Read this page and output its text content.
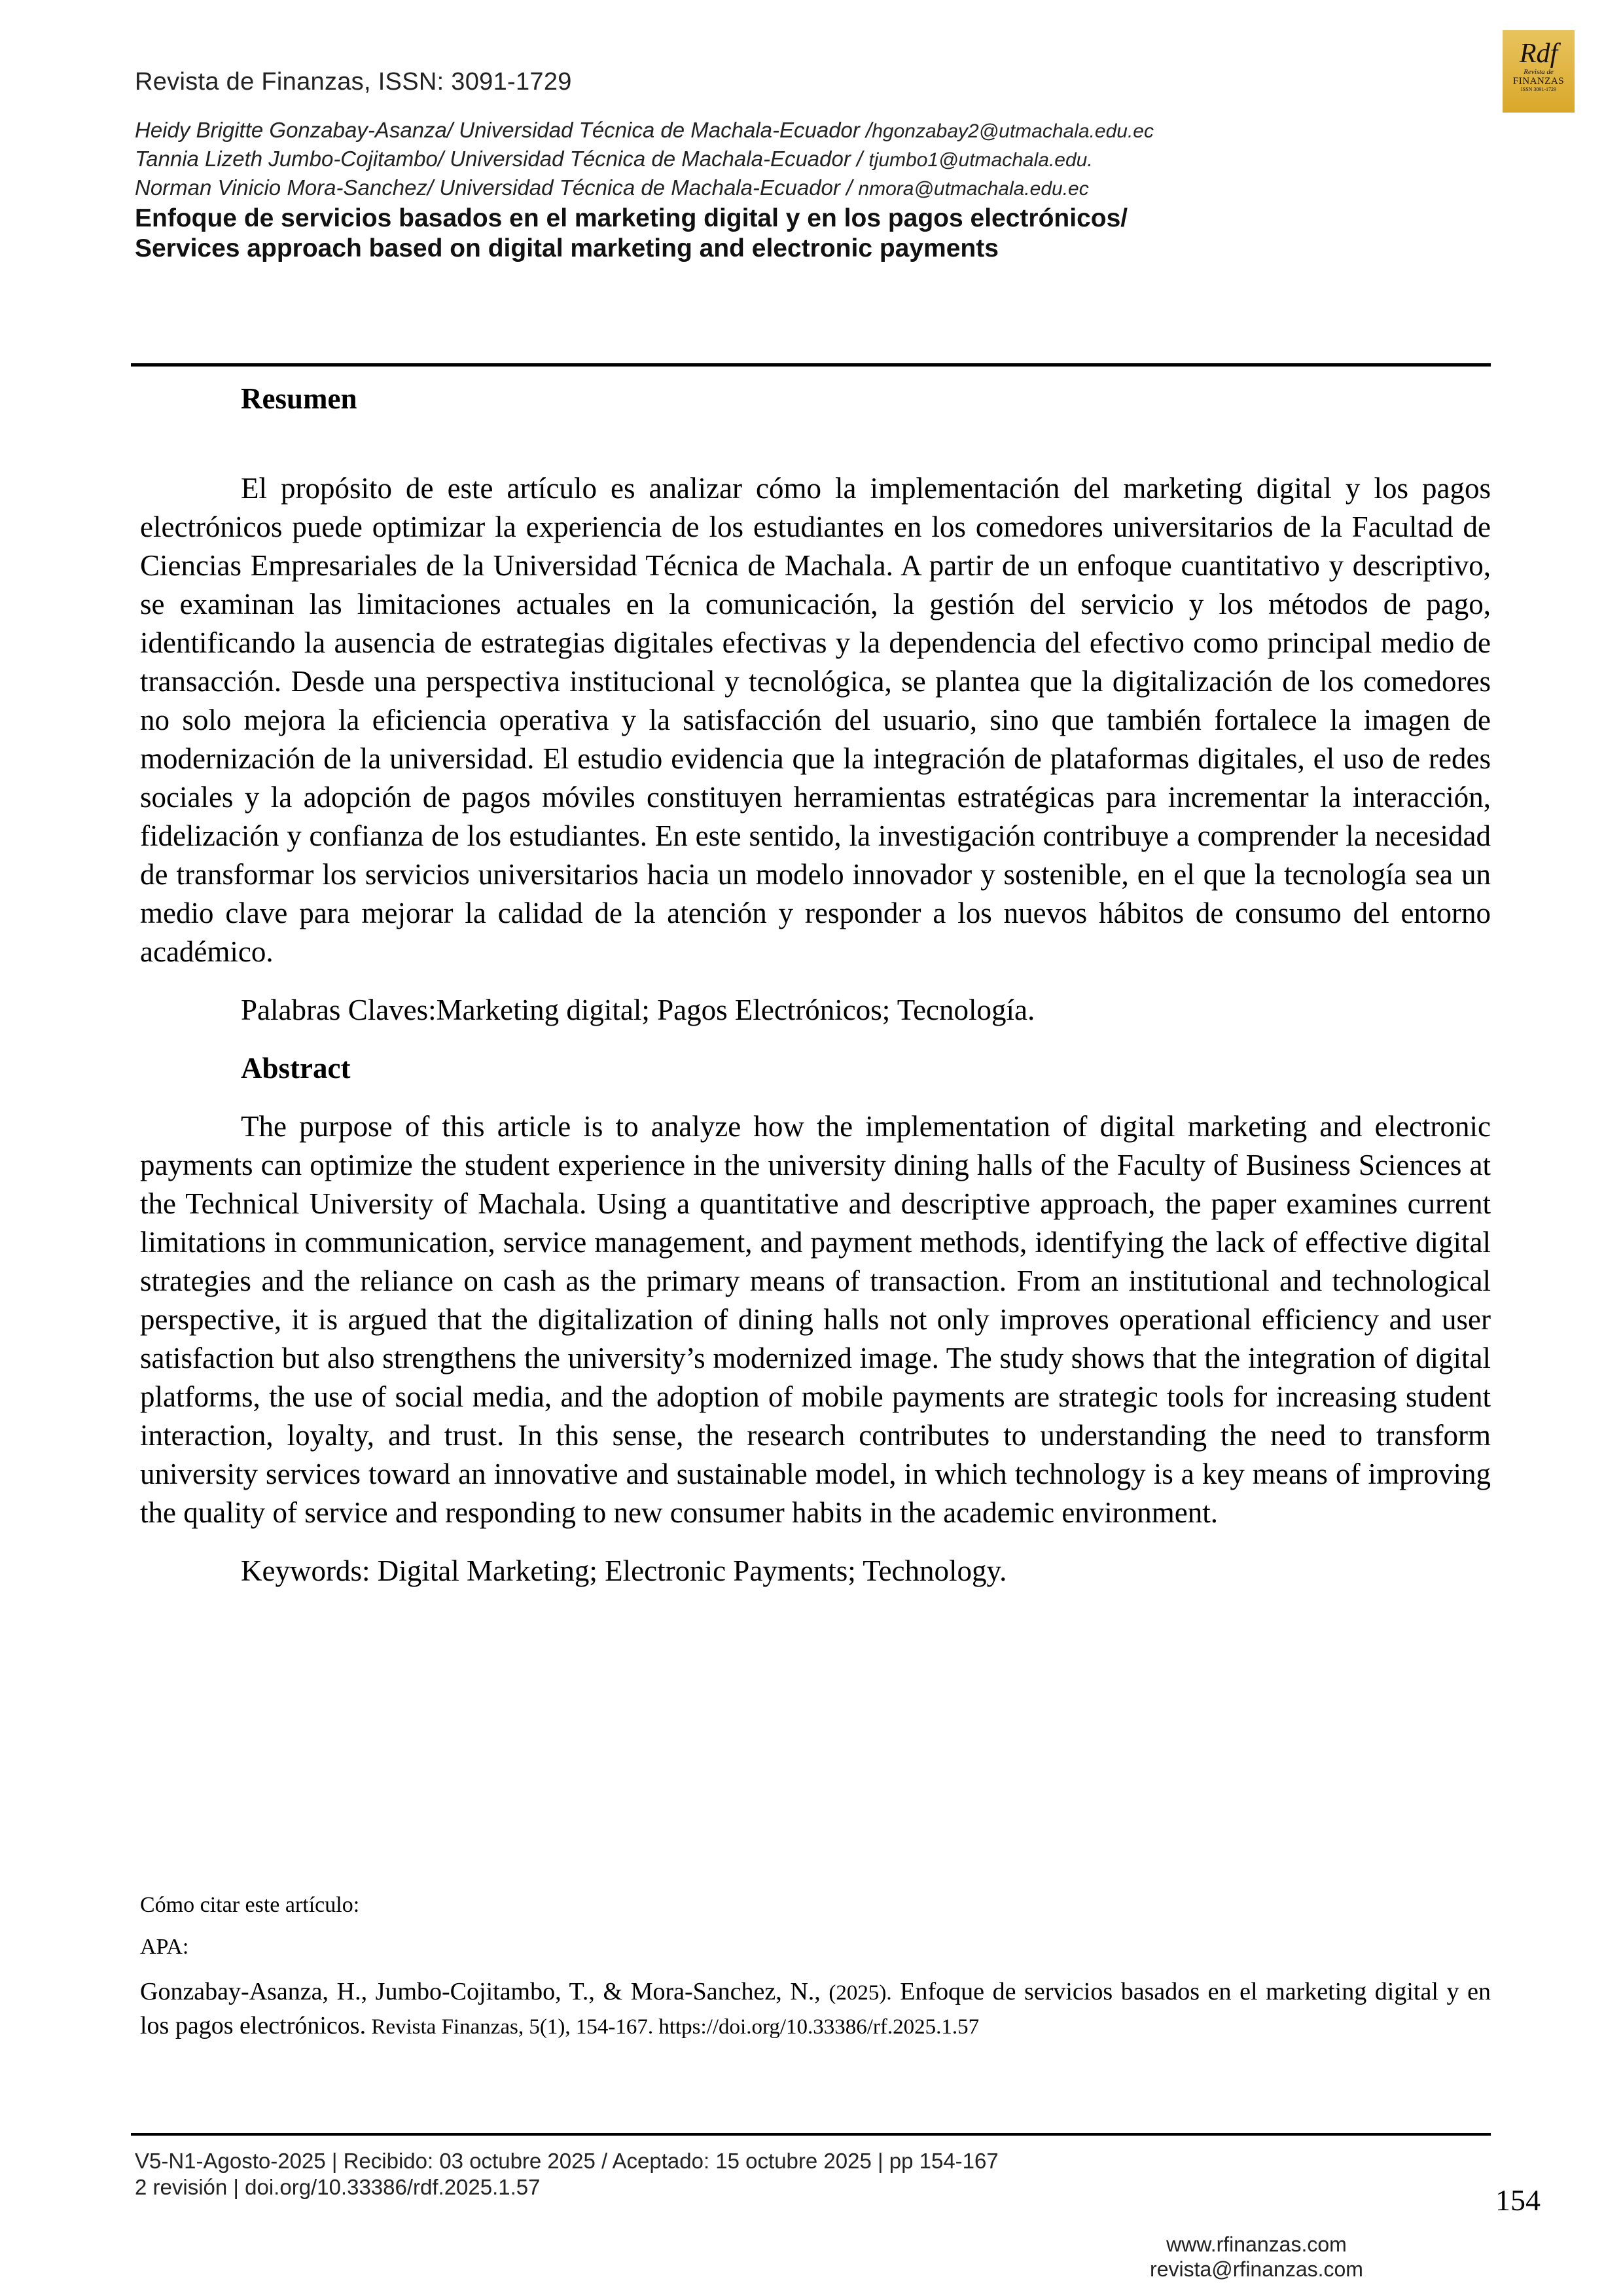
Revista de Finanzas, ISSN: 3091-1729
Heidy Brigitte Gonzabay-Asanza/ Universidad Técnica de Machala-Ecuador /hgonzabay2@utmachala.edu.ec
Tannia Lizeth Jumbo-Cojitambo/ Universidad Técnica de Machala-Ecuador / tjumbo1@utmachala.edu.
Norman Vinicio Mora-Sanchez/ Universidad Técnica de Machala-Ecuador / nmora@utmachala.edu.ec
Enfoque de servicios basados en el marketing digital y en los pagos electrónicos/
Services approach based on digital marketing and electronic payments
Rdf
Revista de
FINANZAS
ISSN 3091-1729

Resumen

El propósito de este artículo es analizar cómo la implementación del marketing digital y los pagos electrónicos puede optimizar la experiencia de los estudiantes en los comedores universitarios de la Facultad de Ciencias Empresariales de la Universidad Técnica de Machala. A partir de un enfoque cuantitativo y descriptivo, se examinan las limitaciones actuales en la comunicación, la gestión del servicio y los métodos de pago, identificando la ausencia de estrategias digitales efectivas y la dependencia del efectivo como principal medio de transacción. Desde una perspectiva institucional y tecnológica, se plantea que la digitalización de los comedores no solo mejora la eficiencia operativa y la satisfacción del usuario, sino que también fortalece la imagen de modernización de la universidad. El estudio evidencia que la integración de plataformas digitales, el uso de redes sociales y la adopción de pagos móviles constituyen herramientas estratégicas para incrementar la interacción, fidelización y confianza de los estudiantes. En este sentido, la investigación contribuye a comprender la necesidad de transformar los servicios universitarios hacia un modelo innovador y sostenible, en el que la tecnología sea un medio clave para mejorar la calidad de la atención y responder a los nuevos hábitos de consumo del entorno académico.

Palabras Claves:Marketing digital; Pagos Electrónicos; Tecnología.

Abstract

The purpose of this article is to analyze how the implementation of digital marketing and electronic payments can optimize the student experience in the university dining halls of the Faculty of Business Sciences at the Technical University of Machala. Using a quantitative and descriptive approach, the paper examines current limitations in communication, service management, and payment methods, identifying the lack of effective digital strategies and the reliance on cash as the primary means of transaction. From an institutional and technological perspective, it is argued that the digitalization of dining halls not only improves operational efficiency and user satisfaction but also strengthens the university’s modernized image. The study shows that the integration of digital platforms, the use of social media, and the adoption of mobile payments are strategic tools for increasing student interaction, loyalty, and trust. In this sense, the research contributes to understanding the need to transform university services toward an innovative and sustainable model, in which technology is a key means of improving the quality of service and responding to new consumer habits in the academic environment.

Keywords: Digital Marketing; Electronic Payments; Technology.

Cómo citar este artículo:

APA:

Gonzabay-Asanza, H., Jumbo-Cojitambo, T., & Mora-Sanchez, N., (2025). Enfoque de servicios basados en el marketing digital y en los pagos electrónicos. Revista Finanzas, 5(1), 154-167. https://doi.org/10.33386/rf.2025.1.57

V5-N1-Agosto-2025 | Recibido: 03 octubre 2025 / Aceptado: 15 octubre 2025 | pp 154-167
2 revisión | doi.org/10.33386/rdf.2025.1.57	154
www.rfinanzas.com
revista@rfinanzas.com
